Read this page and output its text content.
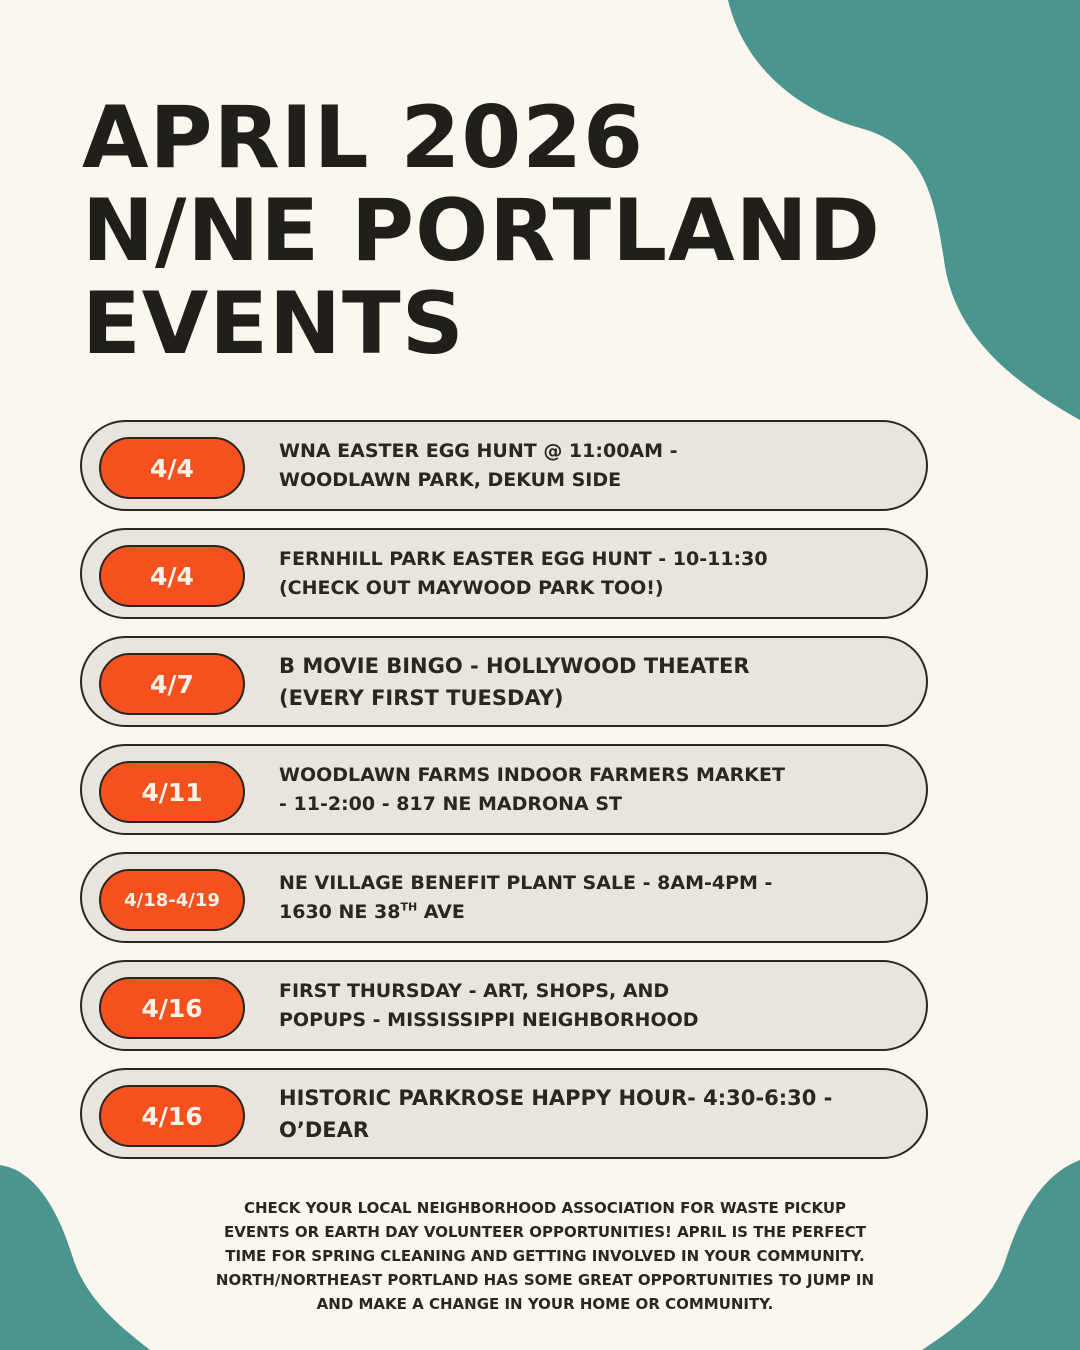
APRIL 2026
N/NE PORTLAND
EVENTS
4/4
WNA EASTER EGG HUNT @ 11:00AM -
WOODLAWN PARK, DEKUM SIDE
4/4
FERNHILL PARK EASTER EGG HUNT - 10-11:30
(CHECK OUT MAYWOOD PARK TOO!)
4/7
B MOVIE BINGO - HOLLYWOOD THEATER
(EVERY FIRST TUESDAY)
4/11
WOODLAWN FARMS INDOOR FARMERS MARKET
- 11-2:00 - 817 NE MADRONA ST
4/18-4/19
NE VILLAGE BENEFIT PLANT SALE - 8AM-4PM -
1630 NE 38TH AVE
4/16
FIRST THURSDAY - ART, SHOPS, AND
POPUPS - MISSISSIPPI NEIGHBORHOOD
4/16
HISTORIC PARKROSE HAPPY HOUR- 4:30-6:30 -
O’DEAR
CHECK YOUR LOCAL NEIGHBORHOOD ASSOCIATION FOR WASTE PICKUP
EVENTS OR EARTH DAY VOLUNTEER OPPORTUNITIES! APRIL IS THE PERFECT
TIME FOR SPRING CLEANING AND GETTING INVOLVED IN YOUR COMMUNITY.
NORTH/NORTHEAST PORTLAND HAS SOME GREAT OPPORTUNITIES TO JUMP IN
AND MAKE A CHANGE IN YOUR HOME OR COMMUNITY.
